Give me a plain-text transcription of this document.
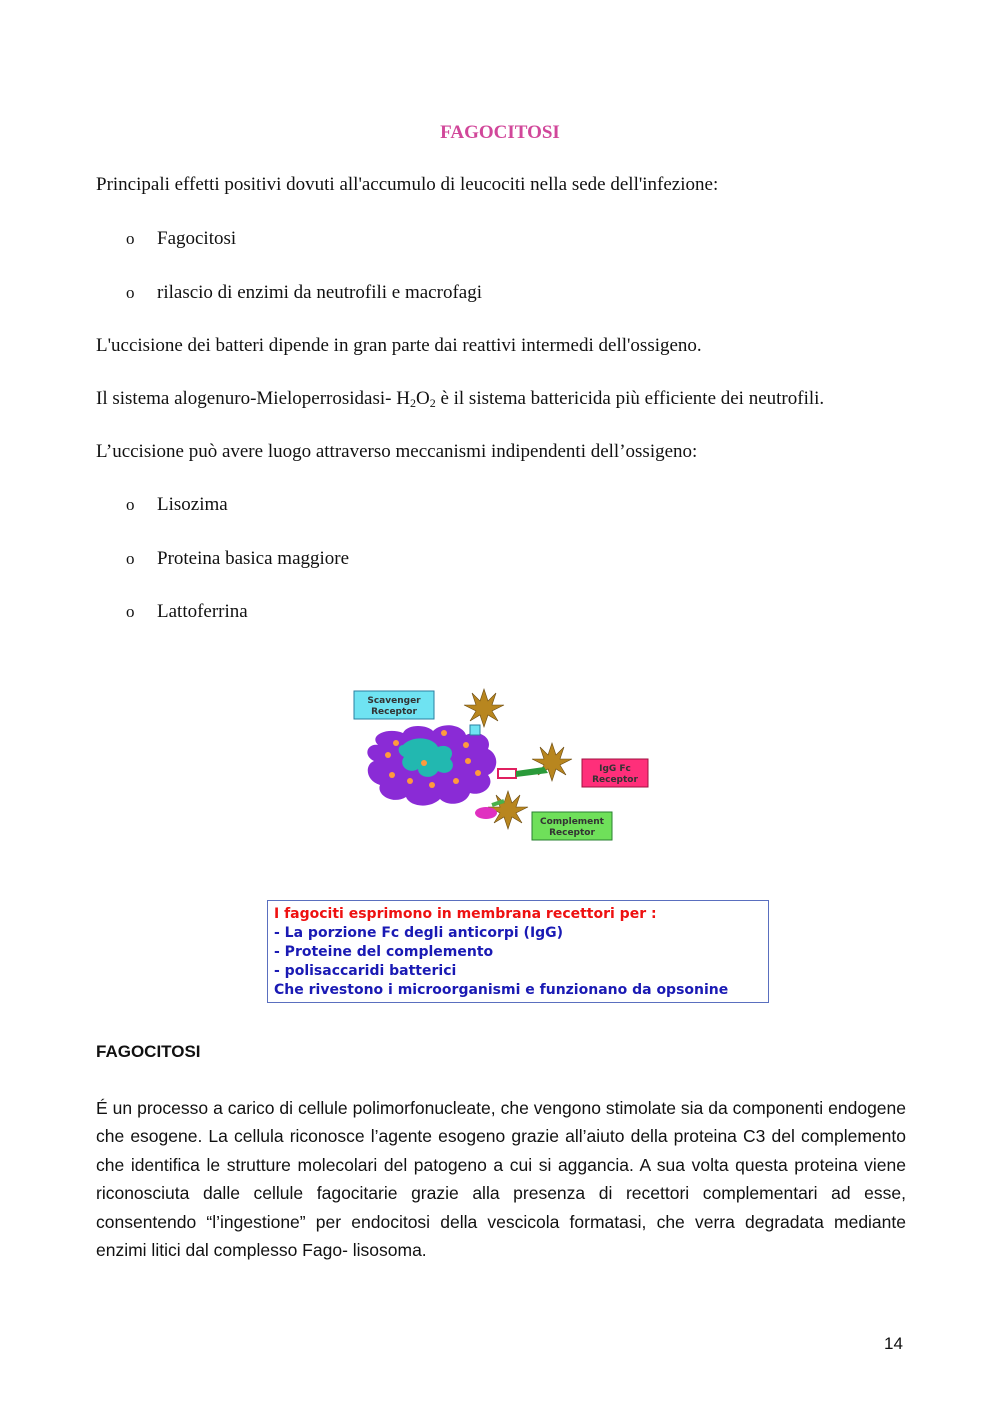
FAGOCITOSI
Principali effetti positivi dovuti all'accumulo di leucociti nella sede dell'infezione:
o Fagocitosi
o rilascio di enzimi da neutrofili e macrofagi
L'uccisione dei batteri dipende in gran parte dai reattivi intermedi dell'ossigeno.
Il sistema alogenuro-Mieloperrosidasi- $H_2O_2$ è il sistema battericida più efficiente dei neutrofili.
L’uccisione può avere luogo attraverso meccanismi indipendenti dell’ossigeno:
o Lisozima
o Proteina basica maggiore
o Lattoferrina
Scavenger
Receptor
IgG Fc
Receptor
Complement
Receptor
I fagociti esprimono in membrana recettori per :
- La porzione Fc degli anticorpi (IgG)
- Proteine del complemento
- polisaccaridi batterici
Che rivestono i microorganismi e funzionano da opsonine
FAGOCITOSI
É un processo a carico di cellule polimorfonucleate, che vengono stimolate sia da componenti endogene che esogene. La cellula riconosce l’agente esogeno grazie all’aiuto della proteina C3 del complemento che identifica le strutture molecolari del patogeno a cui si aggancia. A sua volta questa proteina viene riconosciuta dalle cellule fagocitarie grazie alla presenza di recettori complementari ad esse, consentendo “l’ingestione” per endocitosi della vescicola formatasi, che verra degradata mediante enzimi litici dal complesso Fago- lisosoma.
14
